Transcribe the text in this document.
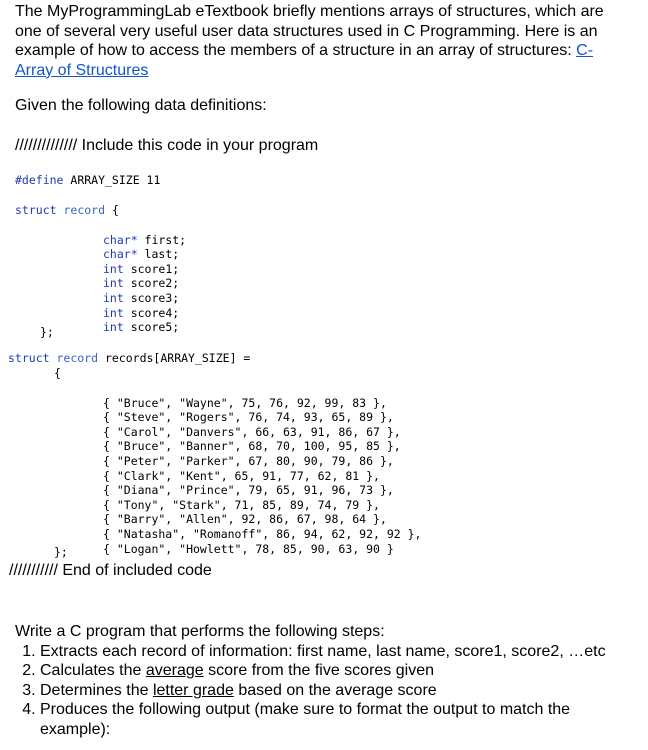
The MyProgrammingLab eTextbook briefly mentions arrays of structures, which are one of several very useful user data structures used in C Programming. Here is an example of how to access the members of a structure in an array of structures: C-Array of Structures

Given the following data definitions:

////////////// Include this code in your program
#define ARRAY_SIZE 11
struct record {

char* first;
char* last;
int score1;
int score2;
int score3;
int score4;
int score5;

};
struct record records[ARRAY_SIZE] =
{

{ "Bruce", "Wayne", 75, 76, 92, 99, 83 },
{ "Steve", "Rogers", 76, 74, 93, 65, 89 },
{ "Carol", "Danvers", 66, 63, 91, 86, 67 },
{ "Bruce", "Banner", 68, 70, 100, 95, 85 },
{ "Peter", "Parker", 67, 80, 90, 79, 86 },
{ "Clark", "Kent", 65, 91, 77, 62, 81 },
{ "Diana", "Prince", 79, 65, 91, 96, 73 },
{ "Tony", "Stark", 71, 85, 89, 74, 79 },
{ "Barry", "Allen", 92, 86, 67, 98, 64 },
{ "Natasha", "Romanoff", 86, 94, 62, 92, 92 },
{ "Logan", "Howlett", 78, 85, 90, 63, 90 }

};
/////////// End of included code
Write a C program that performs the following steps:
1. Extracts each record of information: first name, last name, score1, score2, …etc
2. Calculates the average score from the five scores given
3. Determines the letter grade based on the average score
4. Produces the following output (make sure to format the output to match the example):
